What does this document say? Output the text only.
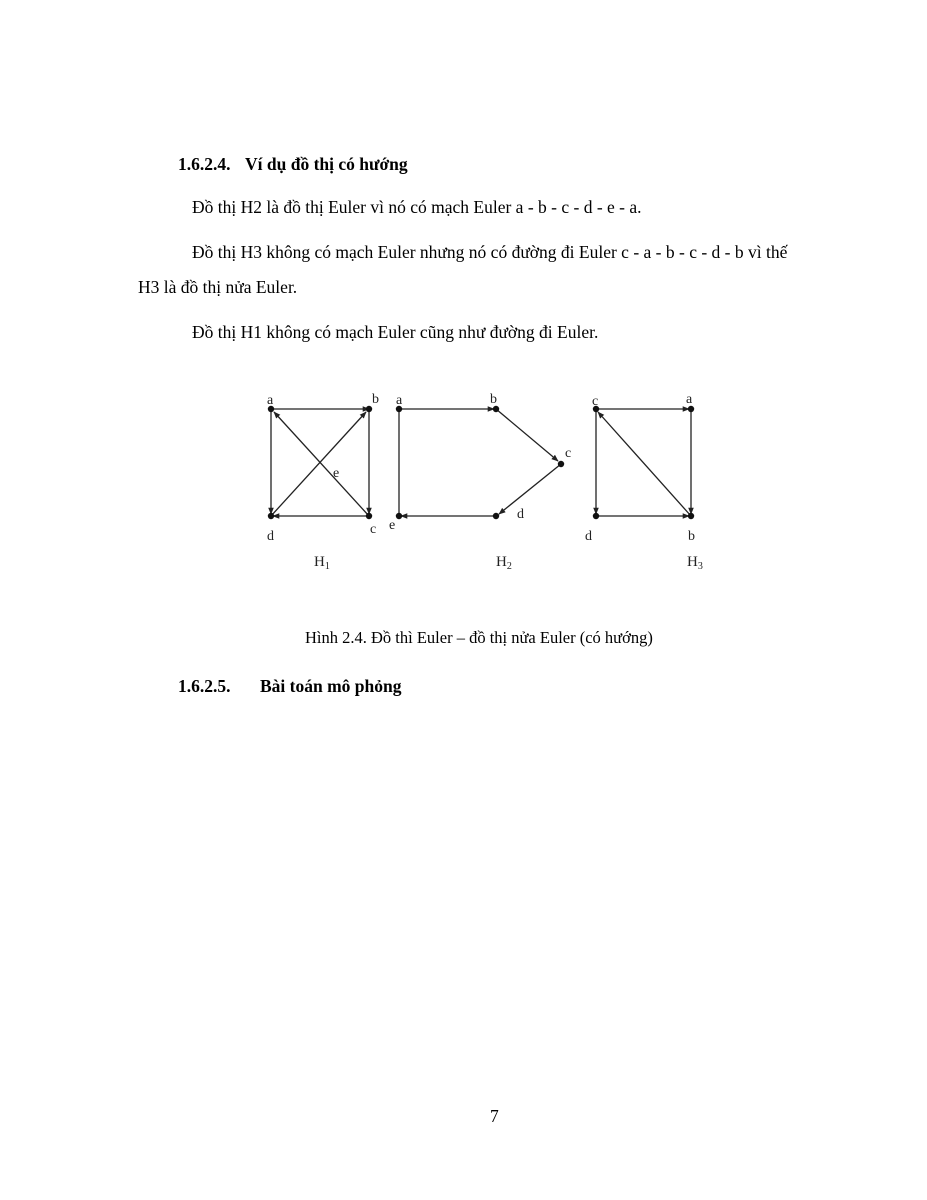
1.6.2.4. Ví dụ đồ thị có hướng
Đồ thị H2 là đồ thị Euler vì nó có mạch Euler a - b - c - d - e - a.
Đồ thị H3 không có mạch Euler nhưng nó có đường đi Euler c - a - b - c - d - b vì thế
H3 là đồ thị nửa Euler.
Đồ thị H1 không có mạch Euler cũng như đường đi Euler.
a	b
c
d
e
$H_1$
a	b
c
d
e
$H_2$
c	a
d	b
$H_3$
Hình 2.4. Đồ thì Euler – đồ thị nửa Euler (có hướng)
1.6.2.5. Bài toán mô phỏng
7
